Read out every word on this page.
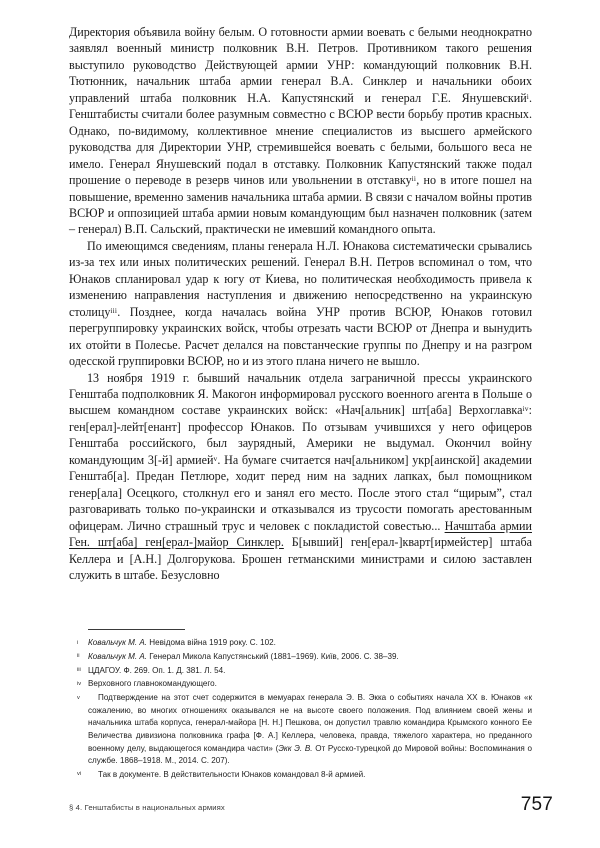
Директория объявила войну белым. О готовности армии воевать с белыми неоднократно заявлял военный министр полковник В.Н. Петров. Противником такого решения выступило руководство Действующей армии УНР: командующий полковник В.Н. Тютюнник, начальник штаба армии генерал В.А. Синклер и начальники обоих управлений штаба полковник Н.А. Капустянский и генерал Г.Е. Янушевский$^i$. Генштабисты считали более разумным совместно с ВСЮР вести борьбу против красных. Однако, по-видимому, коллективное мнение специалистов из высшего армейского руководства для Директории УНР, стремившейся воевать с белыми, большого веса не имело. Генерал Янушевский подал в отставку. Полковник Капустянский также подал прошение о переводе в резерв чинов или увольнении в отставку$^{ii}$, но в итоге пошел на повышение, временно заменив начальника штаба армии. В связи с началом войны против ВСЮР и оппозицией штаба армии новым командующим был назначен полковник (затем – генерал) В.П. Сальский, практически не имевший командного опыта.

По имеющимся сведениям, планы генерала Н.Л. Юнакова систематически срывались из-за тех или иных политических решений. Генерал В.Н. Петров вспоминал о том, что Юнаков спланировал удар к югу от Киева, но политическая необходимость привела к изменению направления наступления и движению непосредственно на украинскую столицу$^{iii}$. Позднее, когда началась война УНР против ВСЮР, Юнаков готовил перегруппировку украинских войск, чтобы отрезать части ВСЮР от Днепра и вынудить их отойти в Полесье. Расчет делался на повстанческие группы по Днепру и на разгром одесской группировки ВСЮР, но и из этого плана ничего не вышло.

13 ноября 1919 г. бывший начальник отдела заграничной прессы украинского Генштаба подполковник Я. Макогон информировал русского военного агента в Польше о высшем командном составе украинских войск: «Нач[альник] шт[аба] Верхоглавка$^{iv}$: ген[ерал]-лейт[енант] профессор Юнаков. По отзывам учившихся у него офицеров Генштаба российского, был заурядный, Америки не выдумал. Окончил войну командующим 3[-й] армией$^v$. На бумаге считается нач[альником] укр[аинской] академии Генштаб[а]. Предан Петлюре, ходит перед ним на задних лапках, был помощником генер[ала] Осецкого, столкнул его и занял его место. После этого стал “щирым”, стал разговаривать только по-украински и отказывался из трусости помогать арестованным офицерам. Лично страшный трус и человек с покладистой совестью... Начштаба армии Ген. шт[аба] ген[ерал-]майор Синклер. Б[ывший] ген[ерал-]кварт[ирмейстер] штаба Келлера и [А.Н.] Долгорукова. Брошен гетманскими министрами и силою заставлен служить в штабе. Безусловно

i	Ковальчук М. А. Невідома війна 1919 року. С. 102.
ii	Ковальчук М. А. Генерал Микола Капустянський (1881–1969). Київ, 2006. С. 38–39.
iii ЦДАГОУ. Ф. 269. Оп. 1. Д. 381. Л. 54.
iv Верховного главнокомандующего.
v	Подтверждение на этот счет содержится в мемуарах генерала Э. В. Экка о событиях начала XX в. Юнаков «к сожалению, во многих отношениях оказывался не на высоте своего положения. Под влиянием своей жены и начальника штаба корпуса, генерал-майора [Н. Н.] Пешкова, он допустил травлю командира Крымского конного Ее Величества дивизиона полковника графа [Ф. А.] Келлера, человека, правда, тяжелого характера, но преданного военному делу, выдающегося командира части» (Экк Э. В. От Русско-турецкой до Мировой войны: Воспоминания о службе. 1868–1918. М., 2014. С. 207).
vi	Так в документе. В действительности Юнаков командовал 8-й армией.
§ 4. Генштабисты в национальных армиях	757
